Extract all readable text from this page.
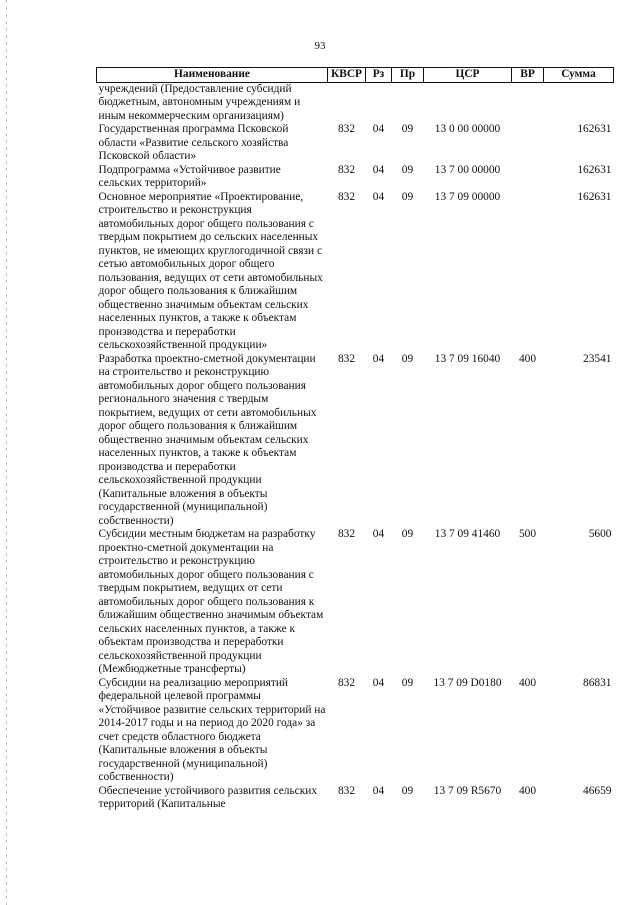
93
Наименование	КВСР	Рз	Пр	ЦСР	ВР	Сумма
учреждений (Предоставление субсидий бюджетным, автономным учреждениям и иным некоммерческим организациям)						
Государственная программа Псковской области «Развитие сельского хозяйства Псковской области»	832	04	09	13 0 00 00000		162631
Подпрограмма «Устойчивое развитие сельских территорий»	832	04	09	13 7 00 00000		162631
Основное мероприятие «Проектирование, строительство и реконструкция автомобильных дорог общего пользования с твердым покрытием до сельских населенных пунктов, не имеющих круглогодичной связи с сетью автомобильных дорог общего пользования, ведущих от сети автомобильных дорог общего пользования к ближайшим общественно значимым объектам сельских населенных пунктов, а также к объектам производства и переработки сельскохозяйственной продукции»	832	04	09	13 7 09 00000		162631
Разработка проектно-сметной документации на строительство и реконструкцию автомобильных дорог общего пользования регионального значения с твердым покрытием, ведущих от сети автомобильных дорог общего пользования к ближайшим общественно значимым объектам сельских населенных пунктов, а также к объектам производства и переработки сельскохозяйственной продукции (Капитальные вложения в объекты государственной (муниципальной) собственности)	832	04	09	13 7 09 16040	400	23541
Субсидии местным бюджетам на разработку проектно-сметной документации на строительство и реконструкцию автомобильных дорог общего пользования с твердым покрытием, ведущих от сети автомобильных дорог общего пользования к ближайшим общественно значимым объектам сельских населенных пунктов, а также к объектам производства и переработки сельскохозяйственной продукции (Межбюджетные трансферты)	832	04	09	13 7 09 41460	500	5600
Субсидии на реализацию мероприятий федеральной целевой программы «Устойчивое развитие сельских территорий на 2014-2017 годы и на период до 2020 года» за счет средств областного бюджета (Капитальные вложения в объекты государственной (муниципальной) собственности)	832	04	09	13 7 09 D0180	400	86831
Обеспечение устойчивого развития сельских территорий (Капитальные	832	04	09	13 7 09 R5670	400	46659
